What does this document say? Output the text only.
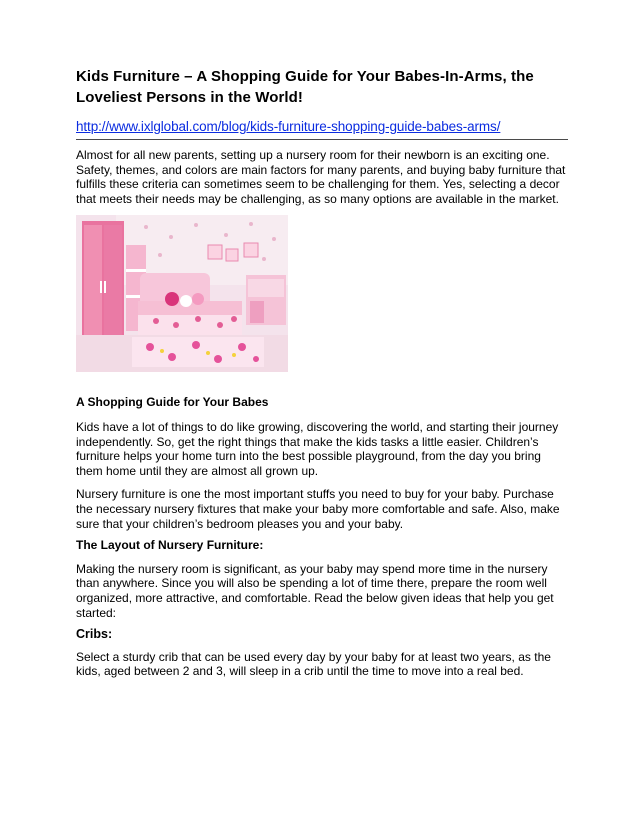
Kids Furniture – A Shopping Guide for Your Babes-In-Arms, the Loveliest Persons in the World!
http://www.ixlglobal.com/blog/kids-furniture-shopping-guide-babes-arms/

Almost for all new parents, setting up a nursery room for their newborn is an exciting one. Safety, themes, and colors are main factors for many parents, and buying baby furniture that fulfills these criteria can sometimes seem to be challenging for them. Yes, selecting a decor that meets their needs may be challenging, as so many options are available in the market.

A Shopping Guide for Your Babes

Kids have a lot of things to do like growing, discovering the world, and starting their journey independently. So, get the right things that make the kids tasks a little easier. Children’s furniture helps your home turn into the best possible playground, from the day you bring them home until they are almost all grown up.

Nursery furniture is one the most important stuffs you need to buy for your baby. Purchase the necessary nursery fixtures that make your baby more comfortable and safe. Also, make sure that your children’s bedroom pleases you and your baby.

The Layout of Nursery Furniture:

Making the nursery room is significant, as your baby may spend more time in the nursery than anywhere. Since you will also be spending a lot of time there, prepare the room well organized, more attractive, and comfortable. Read the below given ideas that help you get started:

Cribs:

Select a sturdy crib that can be used every day by your baby for at least two years, as the kids, aged between 2 and 3, will sleep in a crib until the time to move into a real bed.
